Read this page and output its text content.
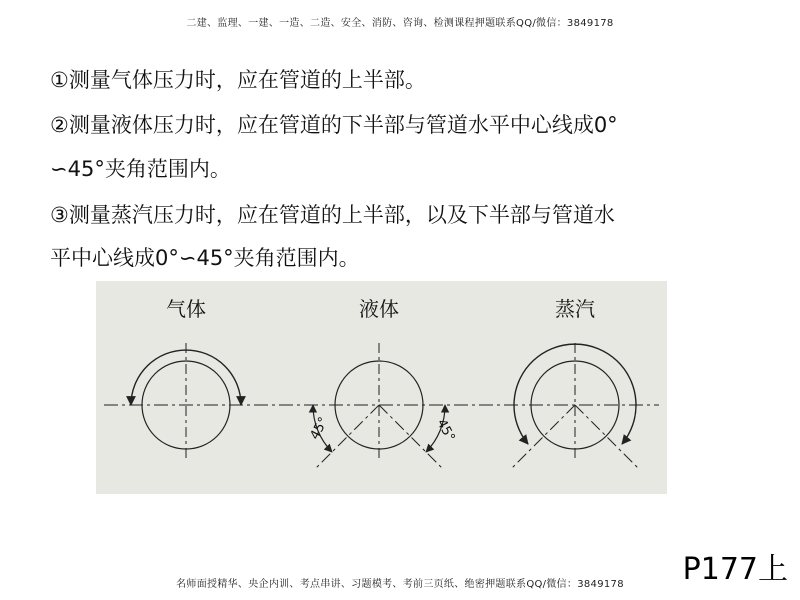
二建、监理、一建、一造、二造、安全、消防、咨询、检测课程押题联系QQ/微信：3849178
①测量气体压力时，应在管道的上半部。
②测量液体压力时，应在管道的下半部与管道水平中心线成0°
∽45°夹角范围内。
③测量蒸汽压力时，应在管道的上半部，以及下半部与管道水
平中心线成0°∽45°夹角范围内。
气体	液体	蒸汽
45°	45°
P177上
名师面授精华、央企内训、考点串讲、习题模考、考前三页纸、绝密押题联系QQ/微信：3849178
